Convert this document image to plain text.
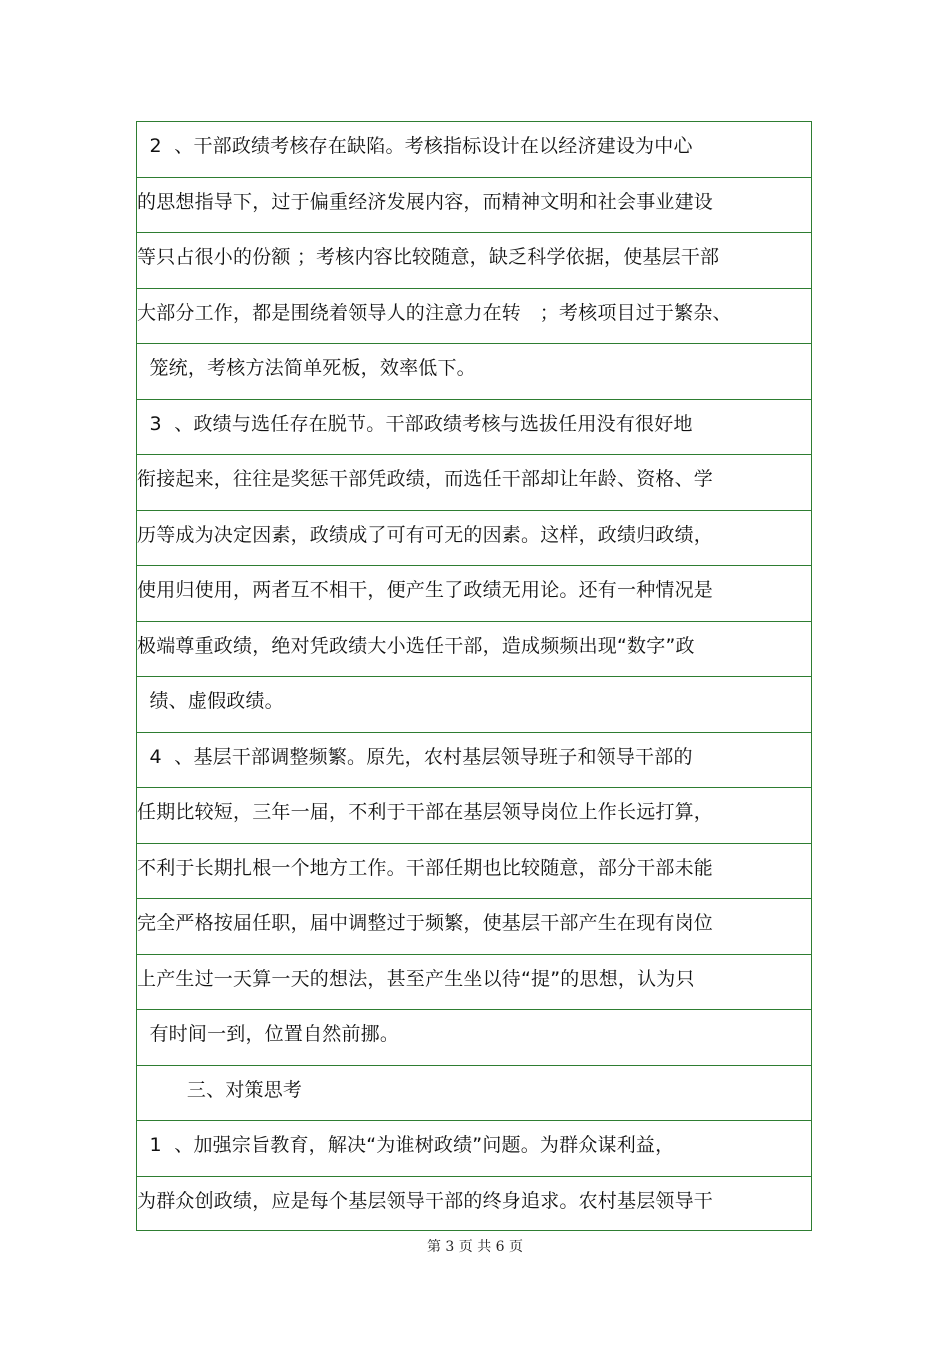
2  、干部政绩考核存在缺陷。考核指标设计在以经济建设为中心
的思想指导下，过于偏重经济发展内容，而精神文明和社会事业建设
等只占很小的份额 ；考核内容比较随意，缺乏科学依据，使基层干部
大部分工作，都是围绕着领导人的注意力在转   ；考核项目过于繁杂、
笼统，考核方法简单死板，效率低下。
3  、政绩与选任存在脱节。干部政绩考核与选拔任用没有很好地
衔接起来，往往是奖惩干部凭政绩，而选任干部却让年龄、资格、学
历等成为决定因素，政绩成了可有可无的因素。这样，政绩归政绩，
使用归使用，两者互不相干，便产生了政绩无用论。还有一种情况是
极端尊重政绩，绝对凭政绩大小选任干部，造成频频出现“数字”政
绩、虚假政绩。
4  、基层干部调整频繁。原先，农村基层领导班子和领导干部的
任期比较短，三年一届，不利于干部在基层领导岗位上作长远打算，
不利于长期扎根一个地方工作。干部任期也比较随意，部分干部未能
完全严格按届任职，届中调整过于频繁，使基层干部产生在现有岗位
上产生过一天算一天的想法，甚至产生坐以待“提”的思想，认为只
有时间一到，位置自然前挪。
三、对策思考
1  、加强宗旨教育，解决“为谁树政绩”问题。为群众谋利益，
为群众创政绩，应是每个基层领导干部的终身追求。农村基层领导干
第 3 页 共 6 页
